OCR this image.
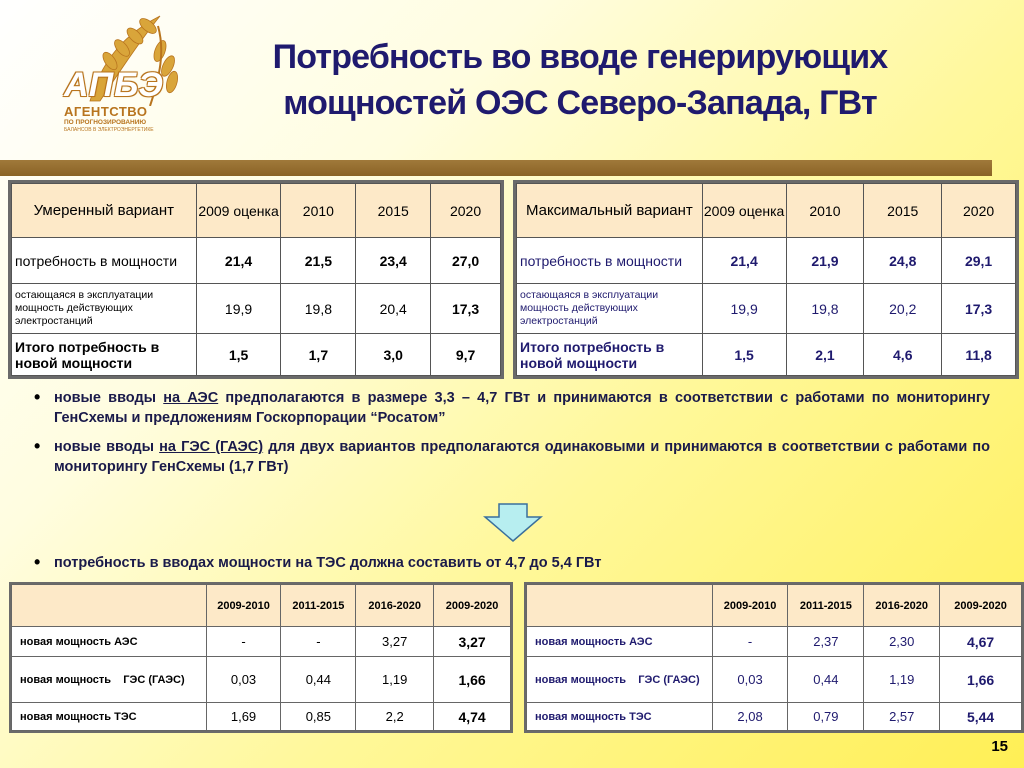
АПБЭ
АГЕНТСТВО
ПО ПРОГНОЗИРОВАНИЮ
БАЛАНСОВ В ЭЛЕКТРОЭНЕРГЕТИКЕ
Потребность во вводе генерирующих
мощностей ОЭС Северо-Запада, ГВт
Умеренный вариант	2009 оценка	2010	2015	2020
потребность в мощности	21,4	21,5	23,4	27,0
остающаяся в эксплуатации мощность действующих электростанций	19,9	19,8	20,4	17,3
Итого потребность в новой мощности	1,5	1,7	3,0	9,7
Максимальный вариант	2009 оценка	2010	2015	2020
потребность в мощности	21,4	21,9	24,8	29,1
остающаяся в эксплуатации мощность действующих электростанций	19,9	19,8	20,2	17,3
Итого потребность в новой мощности	1,5	2,1	4,6	11,8
• новые вводы на АЭС предполагаются в размере 3,3 – 4,7 ГВт и принимаются в соответствии с работами по мониторингу ГенСхемы и предложениям Госкорпорации “Росатом”
• новые вводы на ГЭС (ГАЭС) для двух вариантов предполагаются одинаковыми и принимаются в соответствии с работами по мониторингу ГенСхемы (1,7 ГВт)
• потребность в вводах мощности на ТЭС должна составить от 4,7 до 5,4 ГВт
	2009-2010	2011-2015	2016-2020	2009-2020
новая мощность АЭС	-	-	3,27	3,27
новая мощность    ГЭС (ГАЭС)	0,03	0,44	1,19	1,66
новая мощность ТЭС	1,69	0,85	2,2	4,74
	2009-2010	2011-2015	2016-2020	2009-2020
новая мощность АЭС	-	2,37	2,30	4,67
новая мощность    ГЭС (ГАЭС)	0,03	0,44	1,19	1,66
новая мощность ТЭС	2,08	0,79	2,57	5,44
15
